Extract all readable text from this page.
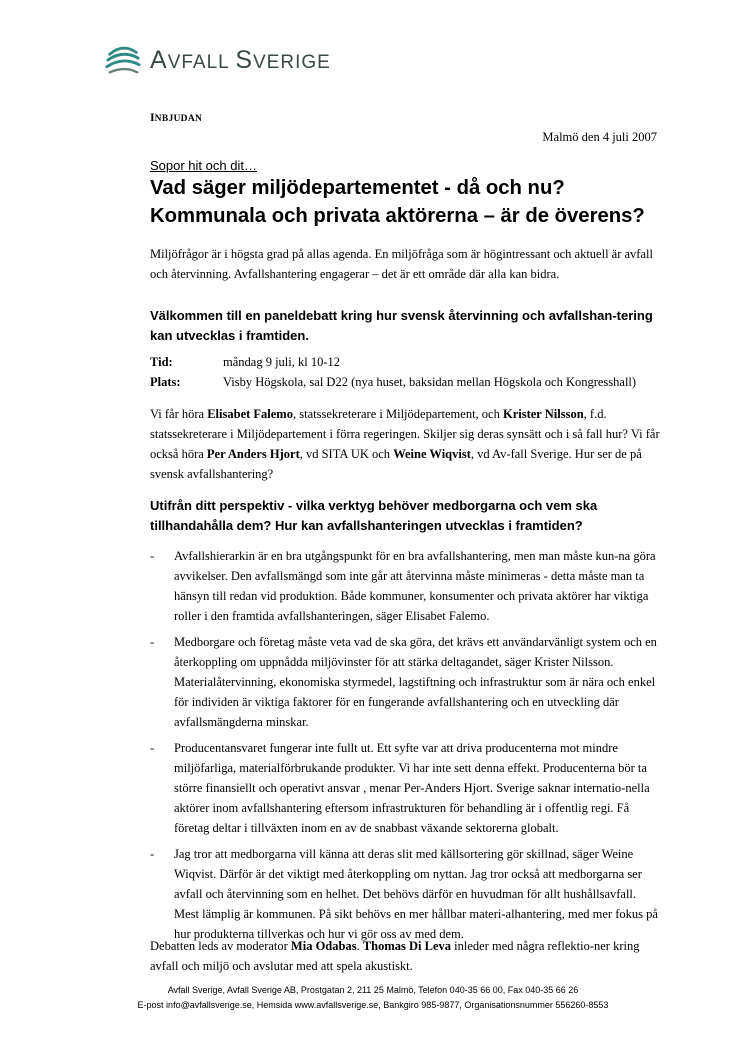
AVFALL SVERIGE
INBJUDAN
Malmö den 4 juli 2007
Sopor hit och dit…
Vad säger miljödepartementet - då och nu?
Kommunala och privata aktörerna – är de överens?

Miljöfrågor är i högsta grad på allas agenda. En miljöfråga som är högintressant och aktuell är avfall och återvinning. Avfallshantering engagerar – det är ett område där alla kan bidra.

Välkommen till en paneldebatt kring hur svensk återvinning och avfallshan-tering kan utvecklas i framtiden.

Tid:	måndag 9 juli, kl 10-12
Plats:	Visby Högskola, sal D22 (nya huset, baksidan mellan Högskola och Kongresshall)

Vi får höra Elisabet Falemo, statssekreterare i Miljödepartement, och Krister Nilsson, f.d. statssekreterare i Miljödepartement i förra regeringen. Skiljer sig deras synsätt och i så fall hur? Vi får också höra Per Anders Hjort, vd SITA UK och Weine Wiqvist, vd Av-fall Sverige. Hur ser de på svensk avfallshantering?

Utifrån ditt perspektiv - vilka verktyg behöver medborgarna och vem ska tillhandahålla dem? Hur kan avfallshanteringen utvecklas i framtiden?

- Avfallshierarkin är en bra utgångspunkt för en bra avfallshantering, men man måste kun-na göra avvikelser. Den avfallsmängd som inte går att återvinna måste minimeras - detta måste man ta hänsyn till redan vid produktion. Både kommuner, konsumenter och privata aktörer har viktiga roller i den framtida avfallshanteringen, säger Elisabet Falemo.
- Medborgare och företag måste veta vad de ska göra, det krävs ett användarvänligt system och en återkoppling om uppnådda miljövinster för att stärka deltagandet, säger Krister Nilsson. Materialåtervinning, ekonomiska styrmedel, lagstiftning och infrastruktur som är nära och enkel för individen är viktiga faktorer för en fungerande avfallshantering och en utveckling där avfallsmängderna minskar.
- Producentansvaret fungerar inte fullt ut. Ett syfte var att driva producenterna mot mindre miljöfarliga, materialförbrukande produkter. Vi har inte sett denna effekt. Producenterna bör ta större finansiellt och operativt ansvar , menar Per-Anders Hjort. Sverige saknar internatio-nella aktörer inom avfallshantering eftersom infrastrukturen för behandling är i offentlig regi. Få företag deltar i tillväxten inom en av de snabbast växande sektorerna globalt.
- Jag tror att medborgarna vill känna att deras slit med källsortering gör skillnad, säger Weine Wiqvist. Därför är det viktigt med återkoppling om nyttan. Jag tror också att medborgarna ser avfall och återvinning som en helhet. Det behövs därför en huvudman för allt hushållsavfall. Mest lämplig är kommunen. På sikt behövs en mer hållbar materi-alhantering, med mer fokus på hur produkterna tillverkas och hur vi gör oss av med dem.

Debatten leds av moderator Mia Odabas. Thomas Di Leva inleder med några reflektio-ner kring avfall och miljö och avslutar med att spela akustiskt.

Avfall Sverige, Avfall Sverige AB, Prostgatan 2, 211 25 Malmö, Telefon 040-35 66 00, Fax 040-35 66 26
E-post info@avfallsverige.se, Hemsida www.avfallsverige.se, Bankgiro 985-9877, Organisationsnummer 556260-8553
